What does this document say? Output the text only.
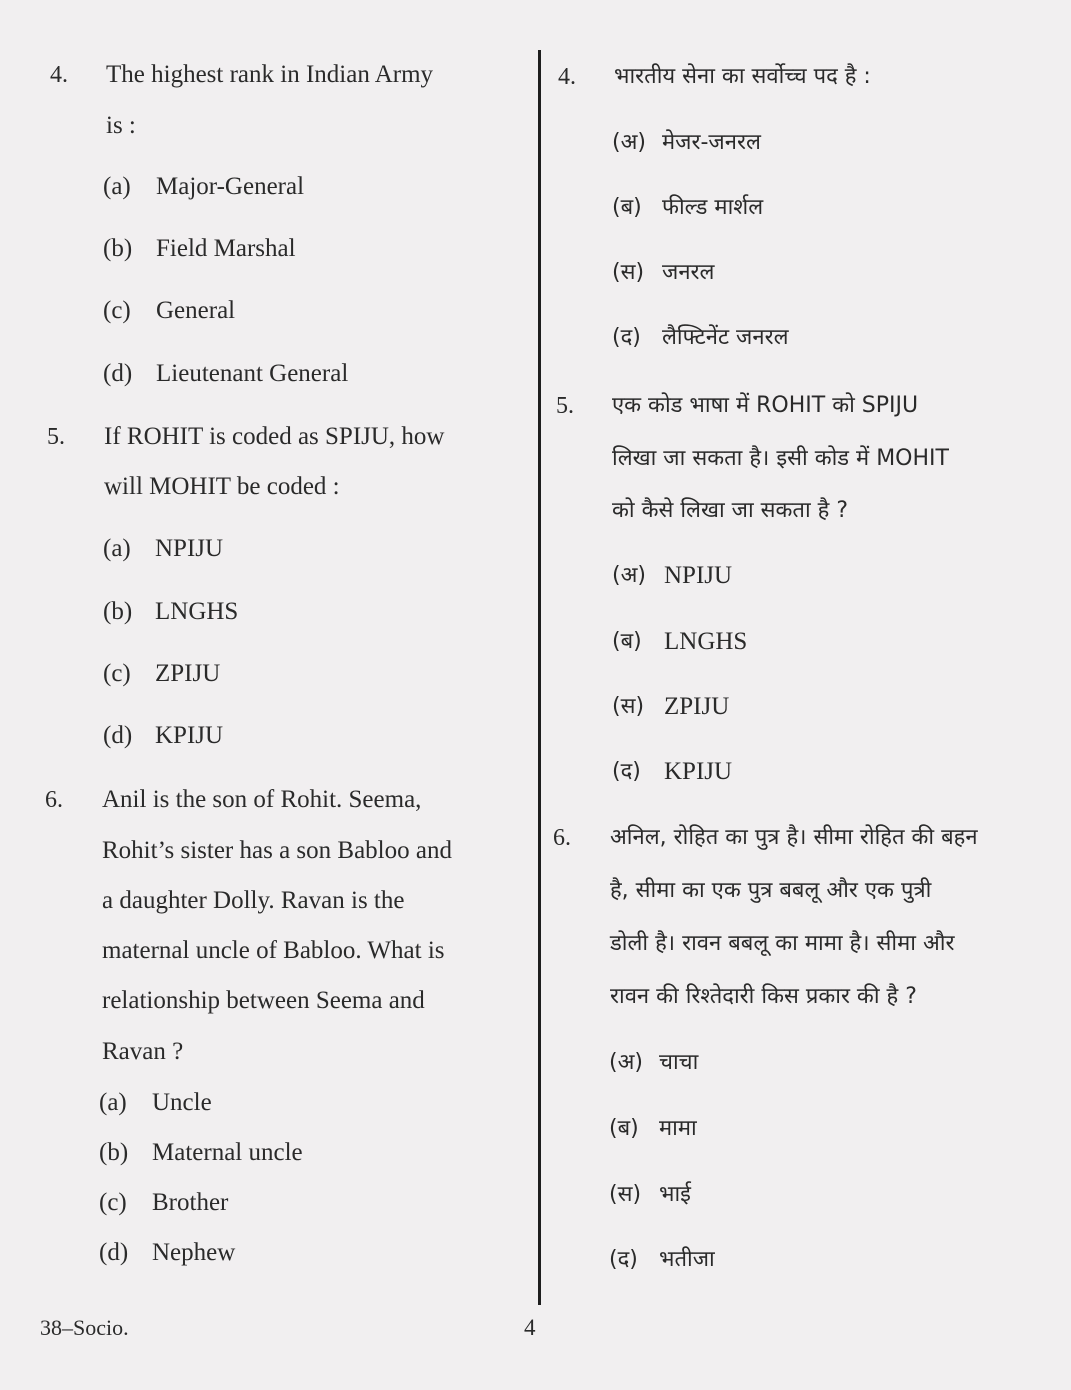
4. The highest rank in Indian Army
is :
(a) Major-General
(b) Field Marshal
(c) General
(d) Lieutenant General
5. If ROHIT is coded as SPIJU, how
will MOHIT be coded :
(a) NPIJU
(b) LNGHS
(c) ZPIJU
(d) KPIJU
6. Anil is the son of Rohit. Seema,
Rohit’s sister has a son Babloo and
a daughter Dolly. Ravan is the
maternal uncle of Babloo. What is
relationship between Seema and
Ravan ?
(a) Uncle
(b) Maternal uncle
(c) Brother
(d) Nephew
4. भारतीय सेना का सर्वोच्च पद है :
(अ) मेजर-जनरल
(ब) फील्ड मार्शल
(स) जनरल
(द) लैफ्टिनेंट जनरल
5. एक कोड भाषा में ROHIT को SPIJU
लिखा जा सकता है। इसी कोड में MOHIT
को कैसे लिखा जा सकता है ?
(अ) NPIJU
(ब) LNGHS
(स) ZPIJU
(द) KPIJU
6. अनिल, रोहित का पुत्र है। सीमा रोहित की बहन
है, सीमा का एक पुत्र बबलू और एक पुत्री
डोली है। रावन बबलू का मामा है। सीमा और
रावन की रिश्तेदारी किस प्रकार की है ?
(अ) चाचा
(ब) मामा
(स) भाई
(द) भतीजा
38–Socio.	4
